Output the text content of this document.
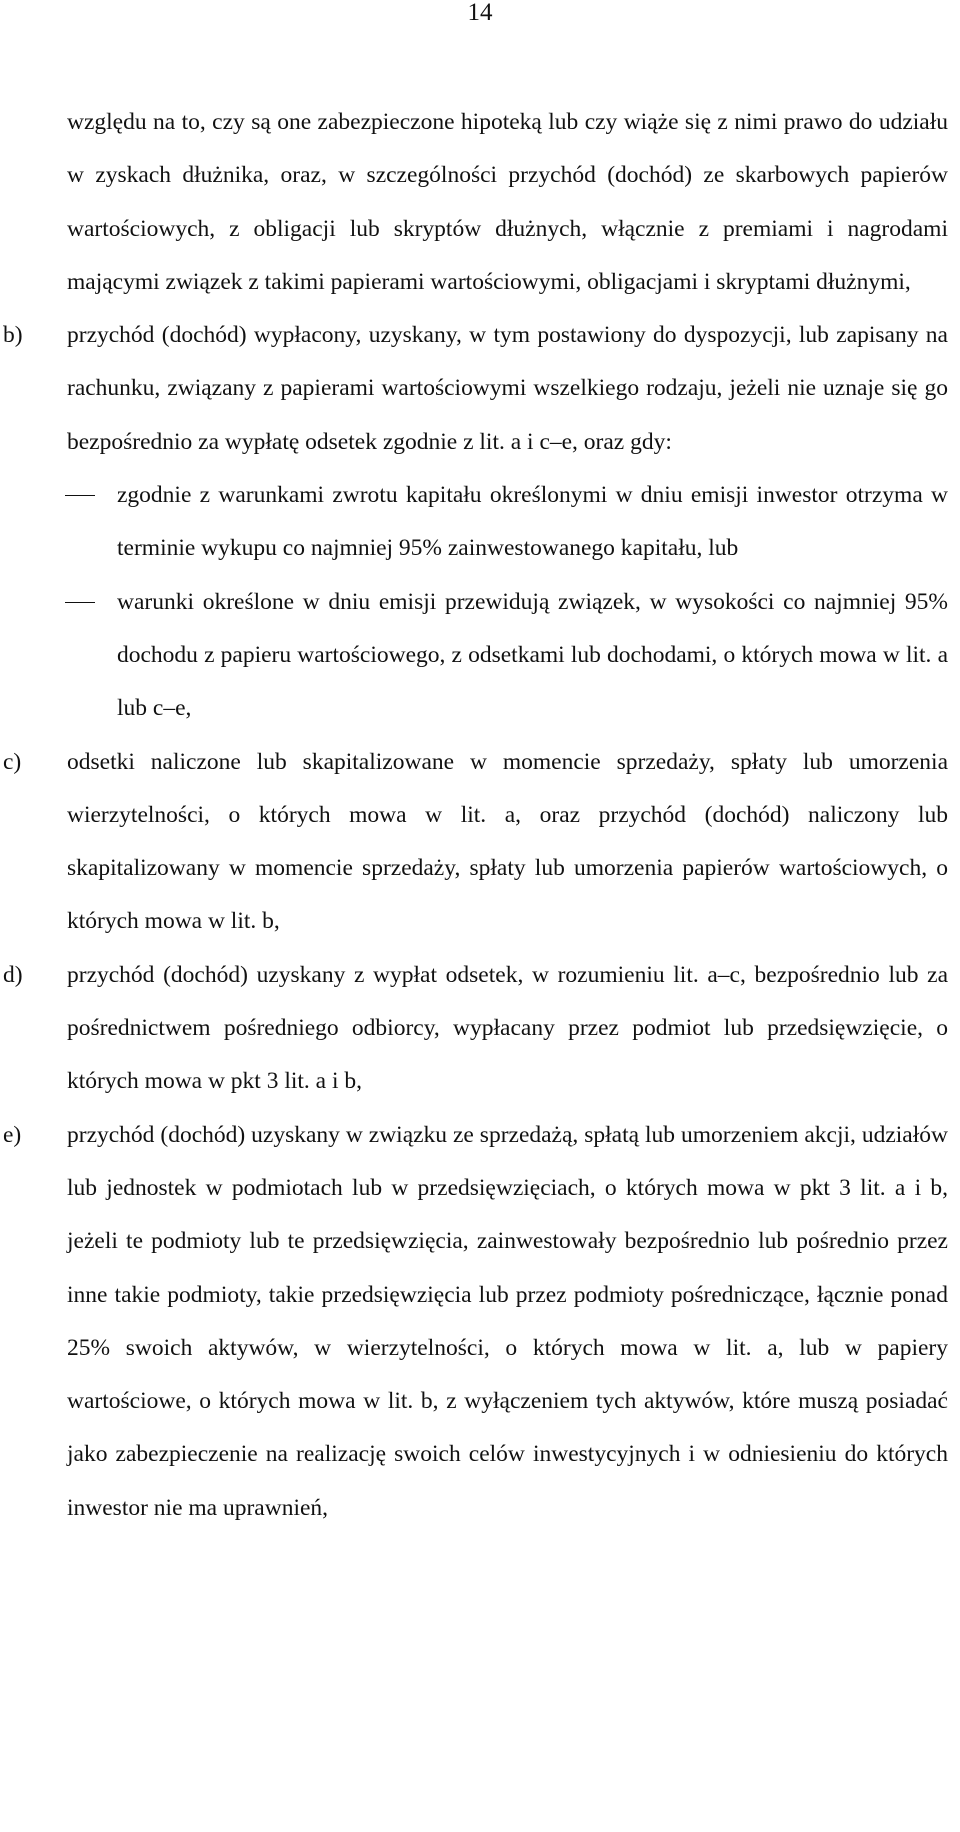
14
względu na to, czy są one zabezpieczone hipoteką lub czy wiąże się z nimi prawo do udziału w zyskach dłużnika, oraz, w szczególności przychód (dochód) ze skarbowych papierów wartościowych, z obligacji lub skryptów dłużnych, włącznie z premiami i nagrodami mającymi związek z takimi papierami wartościowymi, obligacjami i skryptami dłużnymi,
b) przychód (dochód) wypłacony, uzyskany, w tym postawiony do dyspozycji, lub zapisany na rachunku, związany z papierami wartościowymi wszelkiego rodzaju, jeżeli nie uznaje się go bezpośrednio za wypłatę odsetek zgodnie z lit. a i c–e, oraz gdy:
zgodnie z warunkami zwrotu kapitału określonymi w dniu emisji inwestor otrzyma w terminie wykupu co najmniej 95% zainwestowanego kapitału, lub
warunki określone w dniu emisji przewidują związek, w wysokości co najmniej 95% dochodu z papieru wartościowego, z odsetkami lub dochodami, o których mowa w lit. a lub c–e,
c) odsetki naliczone lub skapitalizowane w momencie sprzedaży, spłaty lub umorzenia wierzytelności, o których mowa w lit. a, oraz przychód (dochód) naliczony lub skapitalizowany w momencie sprzedaży, spłaty lub umorzenia papierów wartościowych, o których mowa w lit. b,
d) przychód (dochód) uzyskany z wypłat odsetek, w rozumieniu lit. a–c, bezpośrednio lub za pośrednictwem pośredniego odbiorcy, wypłacany przez podmiot lub przedsięwzięcie, o których mowa w pkt 3 lit. a i b,
e) przychód (dochód) uzyskany w związku ze sprzedażą, spłatą lub umorzeniem akcji, udziałów lub jednostek w podmiotach lub w przedsięwzięciach, o których mowa w pkt 3 lit. a i b, jeżeli te podmioty lub te przedsięwzięcia, zainwestowały bezpośrednio lub pośrednio przez inne takie podmioty, takie przedsięwzięcia lub przez podmioty pośredniczące, łącznie ponad 25% swoich aktywów, w wierzytelności, o których mowa w lit. a, lub w papiery wartościowe, o których mowa w lit. b, z wyłączeniem tych aktywów, które muszą posiadać jako zabezpieczenie na realizację swoich celów inwestycyjnych i w odniesieniu do których inwestor nie ma uprawnień,
